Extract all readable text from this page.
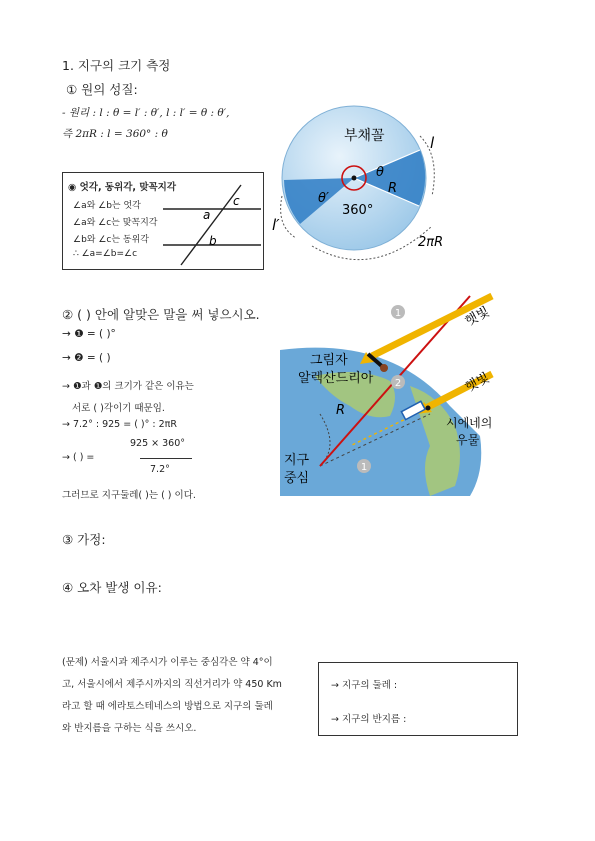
1. 지구의 크기 측정
① 원의 성질:
- 원리 : l : θ = l′ : θ′, l : l′ = θ : θ′,
즉 2πR : l = 360° : θ
◉ 엇각, 동위각, 맞꼭지각
∠a와 ∠b는 엇각
∠a와 ∠c는 맞꼭지각
∠b와 ∠c는 동위각
∴ ∠a=∠b=∠c
c
a
b
부채꼴	l
θ
θ′
R
360°
l′
2πR
② ( ) 안에 알맞은 말을 써 넣으시오.
→ ❶ = ( )°
→ ❷ = ( )
→ ❶과 ❶의 크기가 같은 이유는
서로 ( )각이기 때문임.
→ 7.2° : 925 = ( )° : 2πR
925 × 360°
→ ( ) =
7.2°
그러므로 지구둘레( )는 ( ) 이다.
1
2
1
햇빛
햇빛
그림자
알렉산드리아
R
시에네의
우물
지구
중심
③ 가정:
④ 오차 발생 이유:
(문제) 서울시과 제주시가 이루는 중심각은 약 4°이
고, 서울시에서 제주시까지의 직선거리가 약 450 Km
라고 할 때 에라토스테네스의 방법으로 지구의 둘레
와 반지름을 구하는 식을 쓰시오.
→ 지구의 둘레 :
→ 지구의 반지름 :
